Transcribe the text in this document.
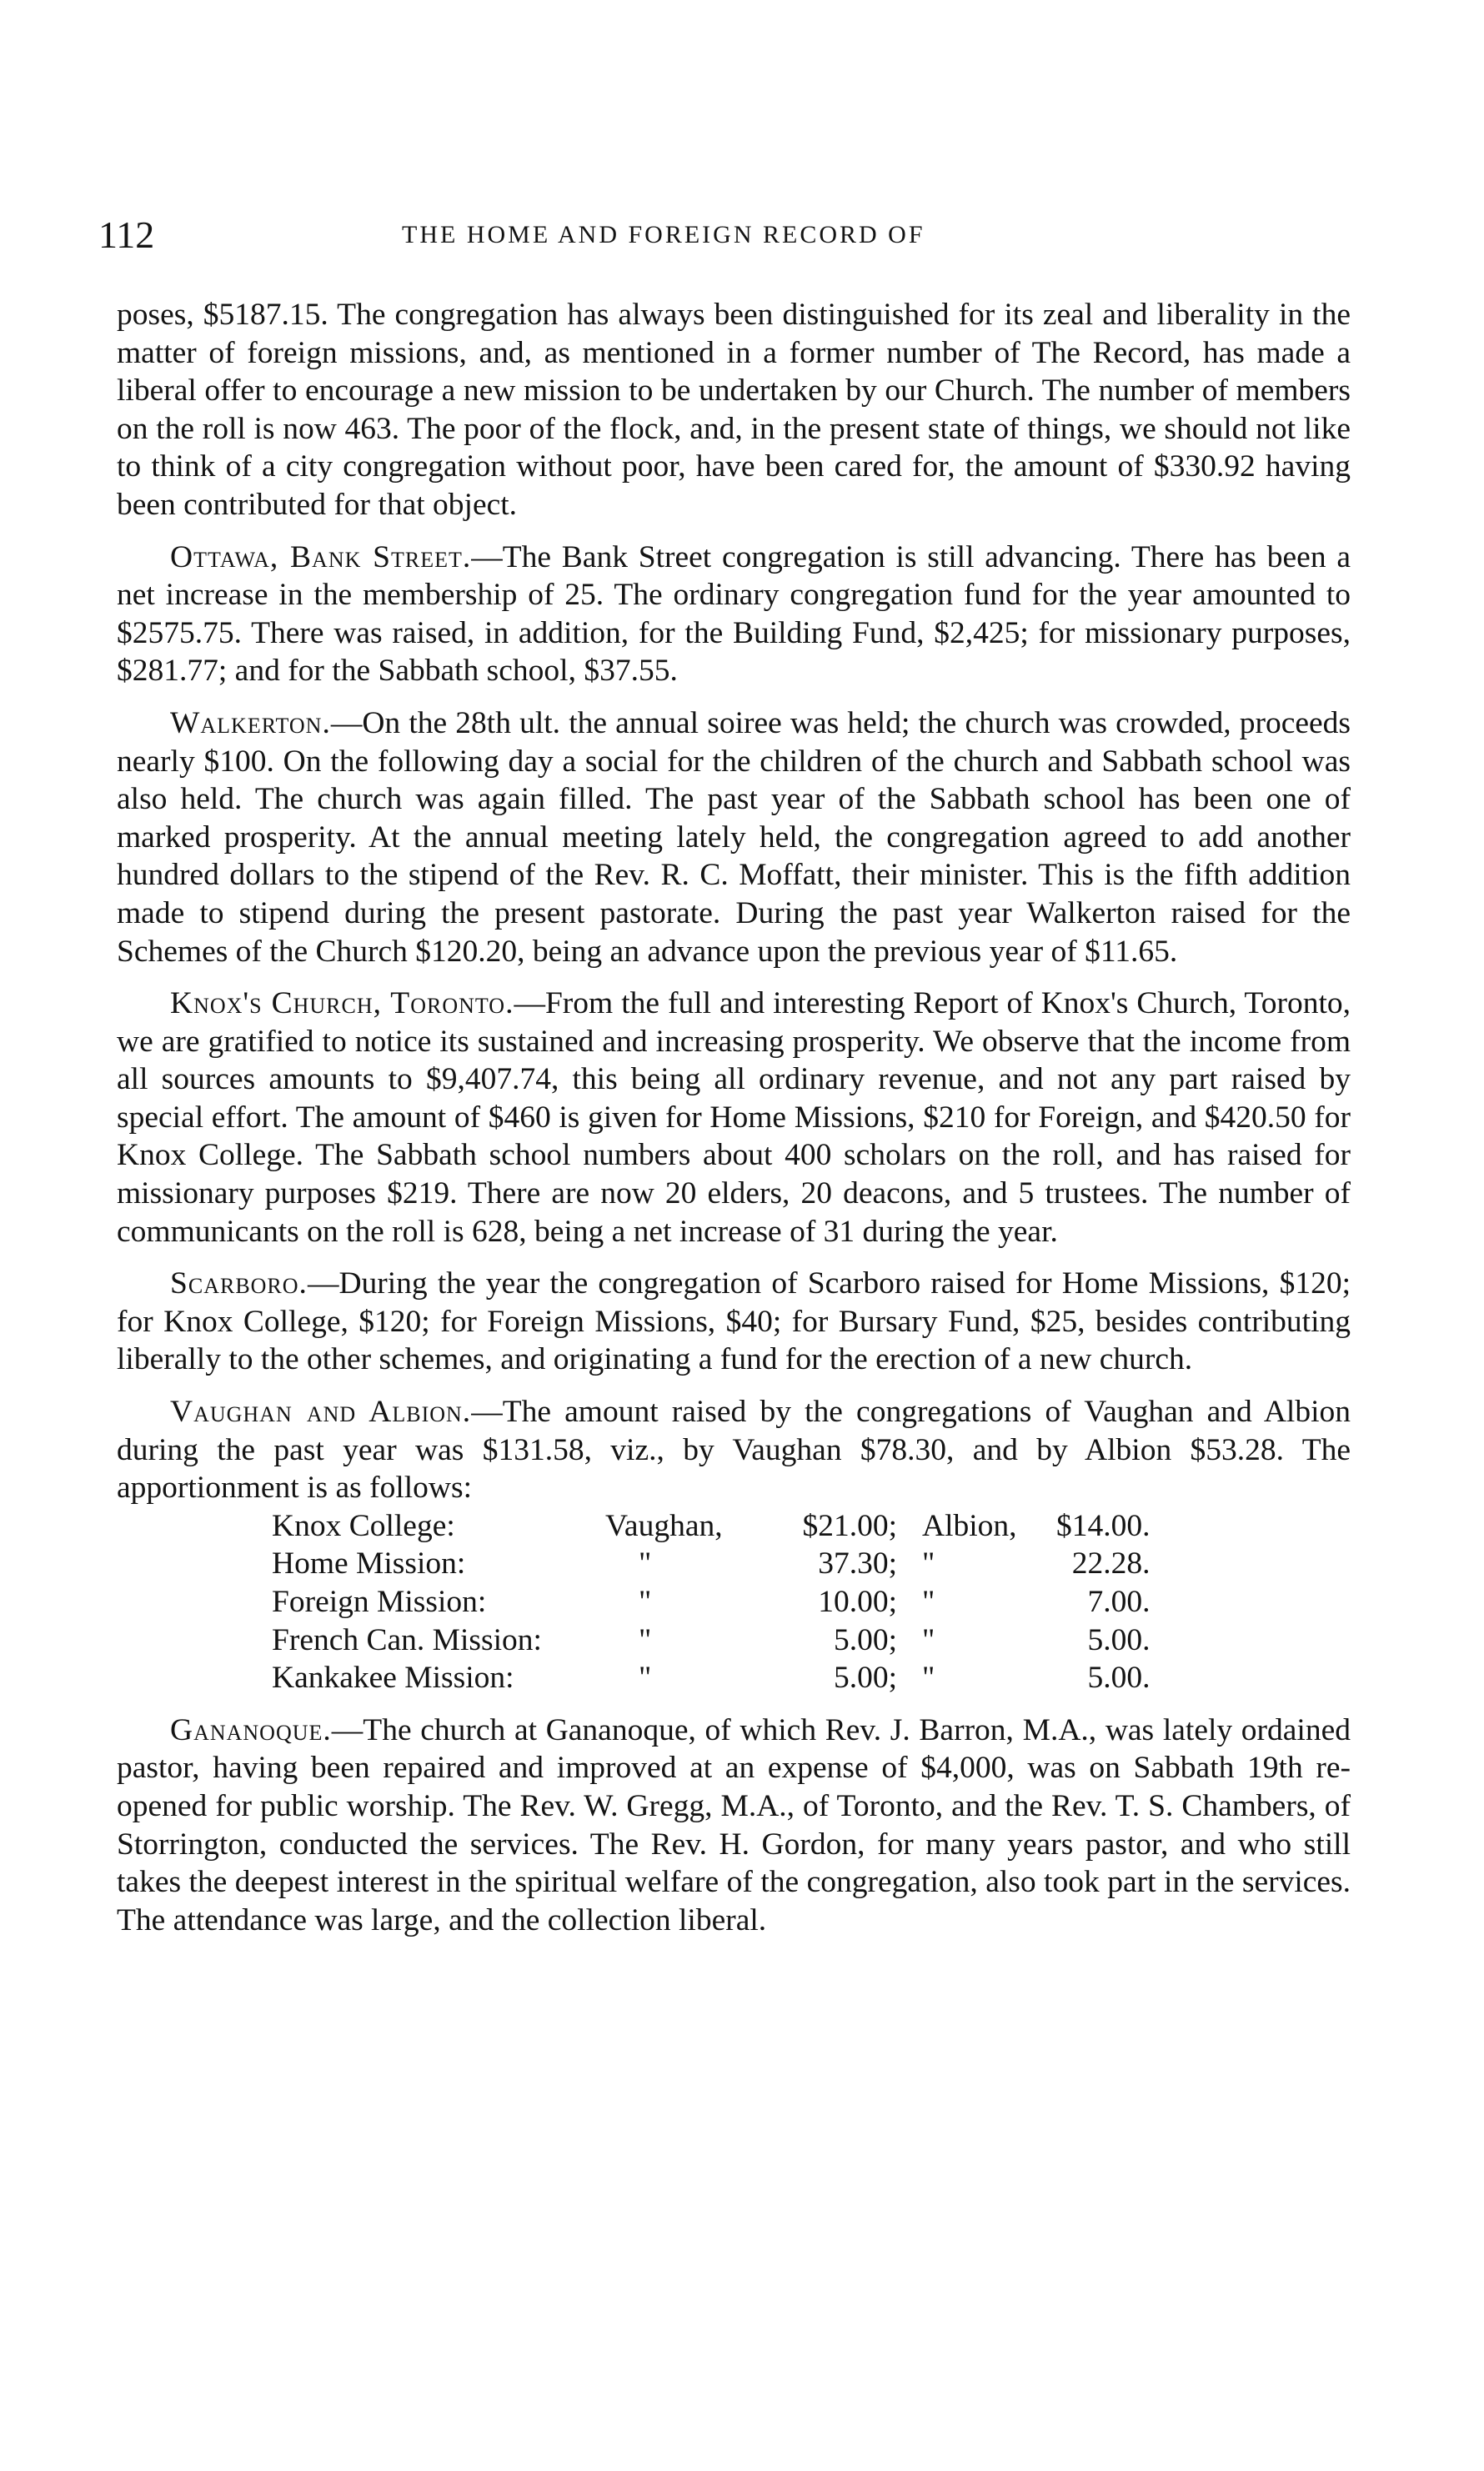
112	THE HOME AND FOREIGN RECORD OF

poses, $5187.15. The congregation has always been distinguished for its zeal and liberality in the matter of foreign missions, and, as mentioned in a former number of The Record, has made a liberal offer to encourage a new mission to be undertaken by our Church. The number of members on the roll is now 463. The poor of the flock, and, in the present state of things, we should not like to think of a city congregation without poor, have been cared for, the amount of $330.92 having been contributed for that object.

Ottawa, Bank Street.—The Bank Street congregation is still advancing. There has been a net increase in the membership of 25. The ordinary congregation fund for the year amounted to $2575.75. There was raised, in addition, for the Building Fund, $2,425; for missionary purposes, $281.77; and for the Sabbath school, $37.55.

Walkerton.—On the 28th ult. the annual soiree was held; the church was crowded, proceeds nearly $100. On the following day a social for the children of the church and Sabbath school was also held. The church was again filled. The past year of the Sabbath school has been one of marked prosperity. At the annual meeting lately held, the congregation agreed to add another hundred dollars to the stipend of the Rev. R. C. Moffatt, their minister. This is the fifth addition made to stipend during the present pastorate. During the past year Walkerton raised for the Schemes of the Church $120.20, being an advance upon the previous year of $11.65.

Knox's Church, Toronto.—From the full and interesting Report of Knox's Church, Toronto, we are gratified to notice its sustained and increasing prosperity. We observe that the income from all sources amounts to $9,407.74, this being all ordinary revenue, and not any part raised by special effort. The amount of $460 is given for Home Missions, $210 for Foreign, and $420.50 for Knox College. The Sabbath school numbers about 400 scholars on the roll, and has raised for missionary purposes $219. There are now 20 elders, 20 deacons, and 5 trustees. The number of communicants on the roll is 628, being a net increase of 31 during the year.

Scarboro.—During the year the congregation of Scarboro raised for Home Missions, $120; for Knox College, $120; for Foreign Missions, $40; for Bursary Fund, $25, besides contributing liberally to the other schemes, and originating a fund for the erection of a new church.

Vaughan and Albion.—The amount raised by the congregations of Vaughan and Albion during the past year was $131.58, viz., by Vaughan $78.30, and by Albion $53.28. The apportionment is as follows:

Knox College:	Vaughan,	$21.00;	Albion,	$14.00.
Home Mission:	"	37.30;	"	22.28.
Foreign Mission:	"	10.00;	"	7.00.
French Can. Mission:	"	5.00;	"	5.00.
Kankakee Mission:	"	5.00;	"	5.00.

Gananoque.—The church at Gananoque, of which Rev. J. Barron, M.A., was lately ordained pastor, having been repaired and improved at an expense of $4,000, was on Sabbath 19th re-opened for public worship. The Rev. W. Gregg, M.A., of Toronto, and the Rev. T. S. Chambers, of Storrington, conducted the services. The Rev. H. Gordon, for many years pastor, and who still takes the deepest interest in the spiritual welfare of the congregation, also took part in the services. The attendance was large, and the collection liberal.
